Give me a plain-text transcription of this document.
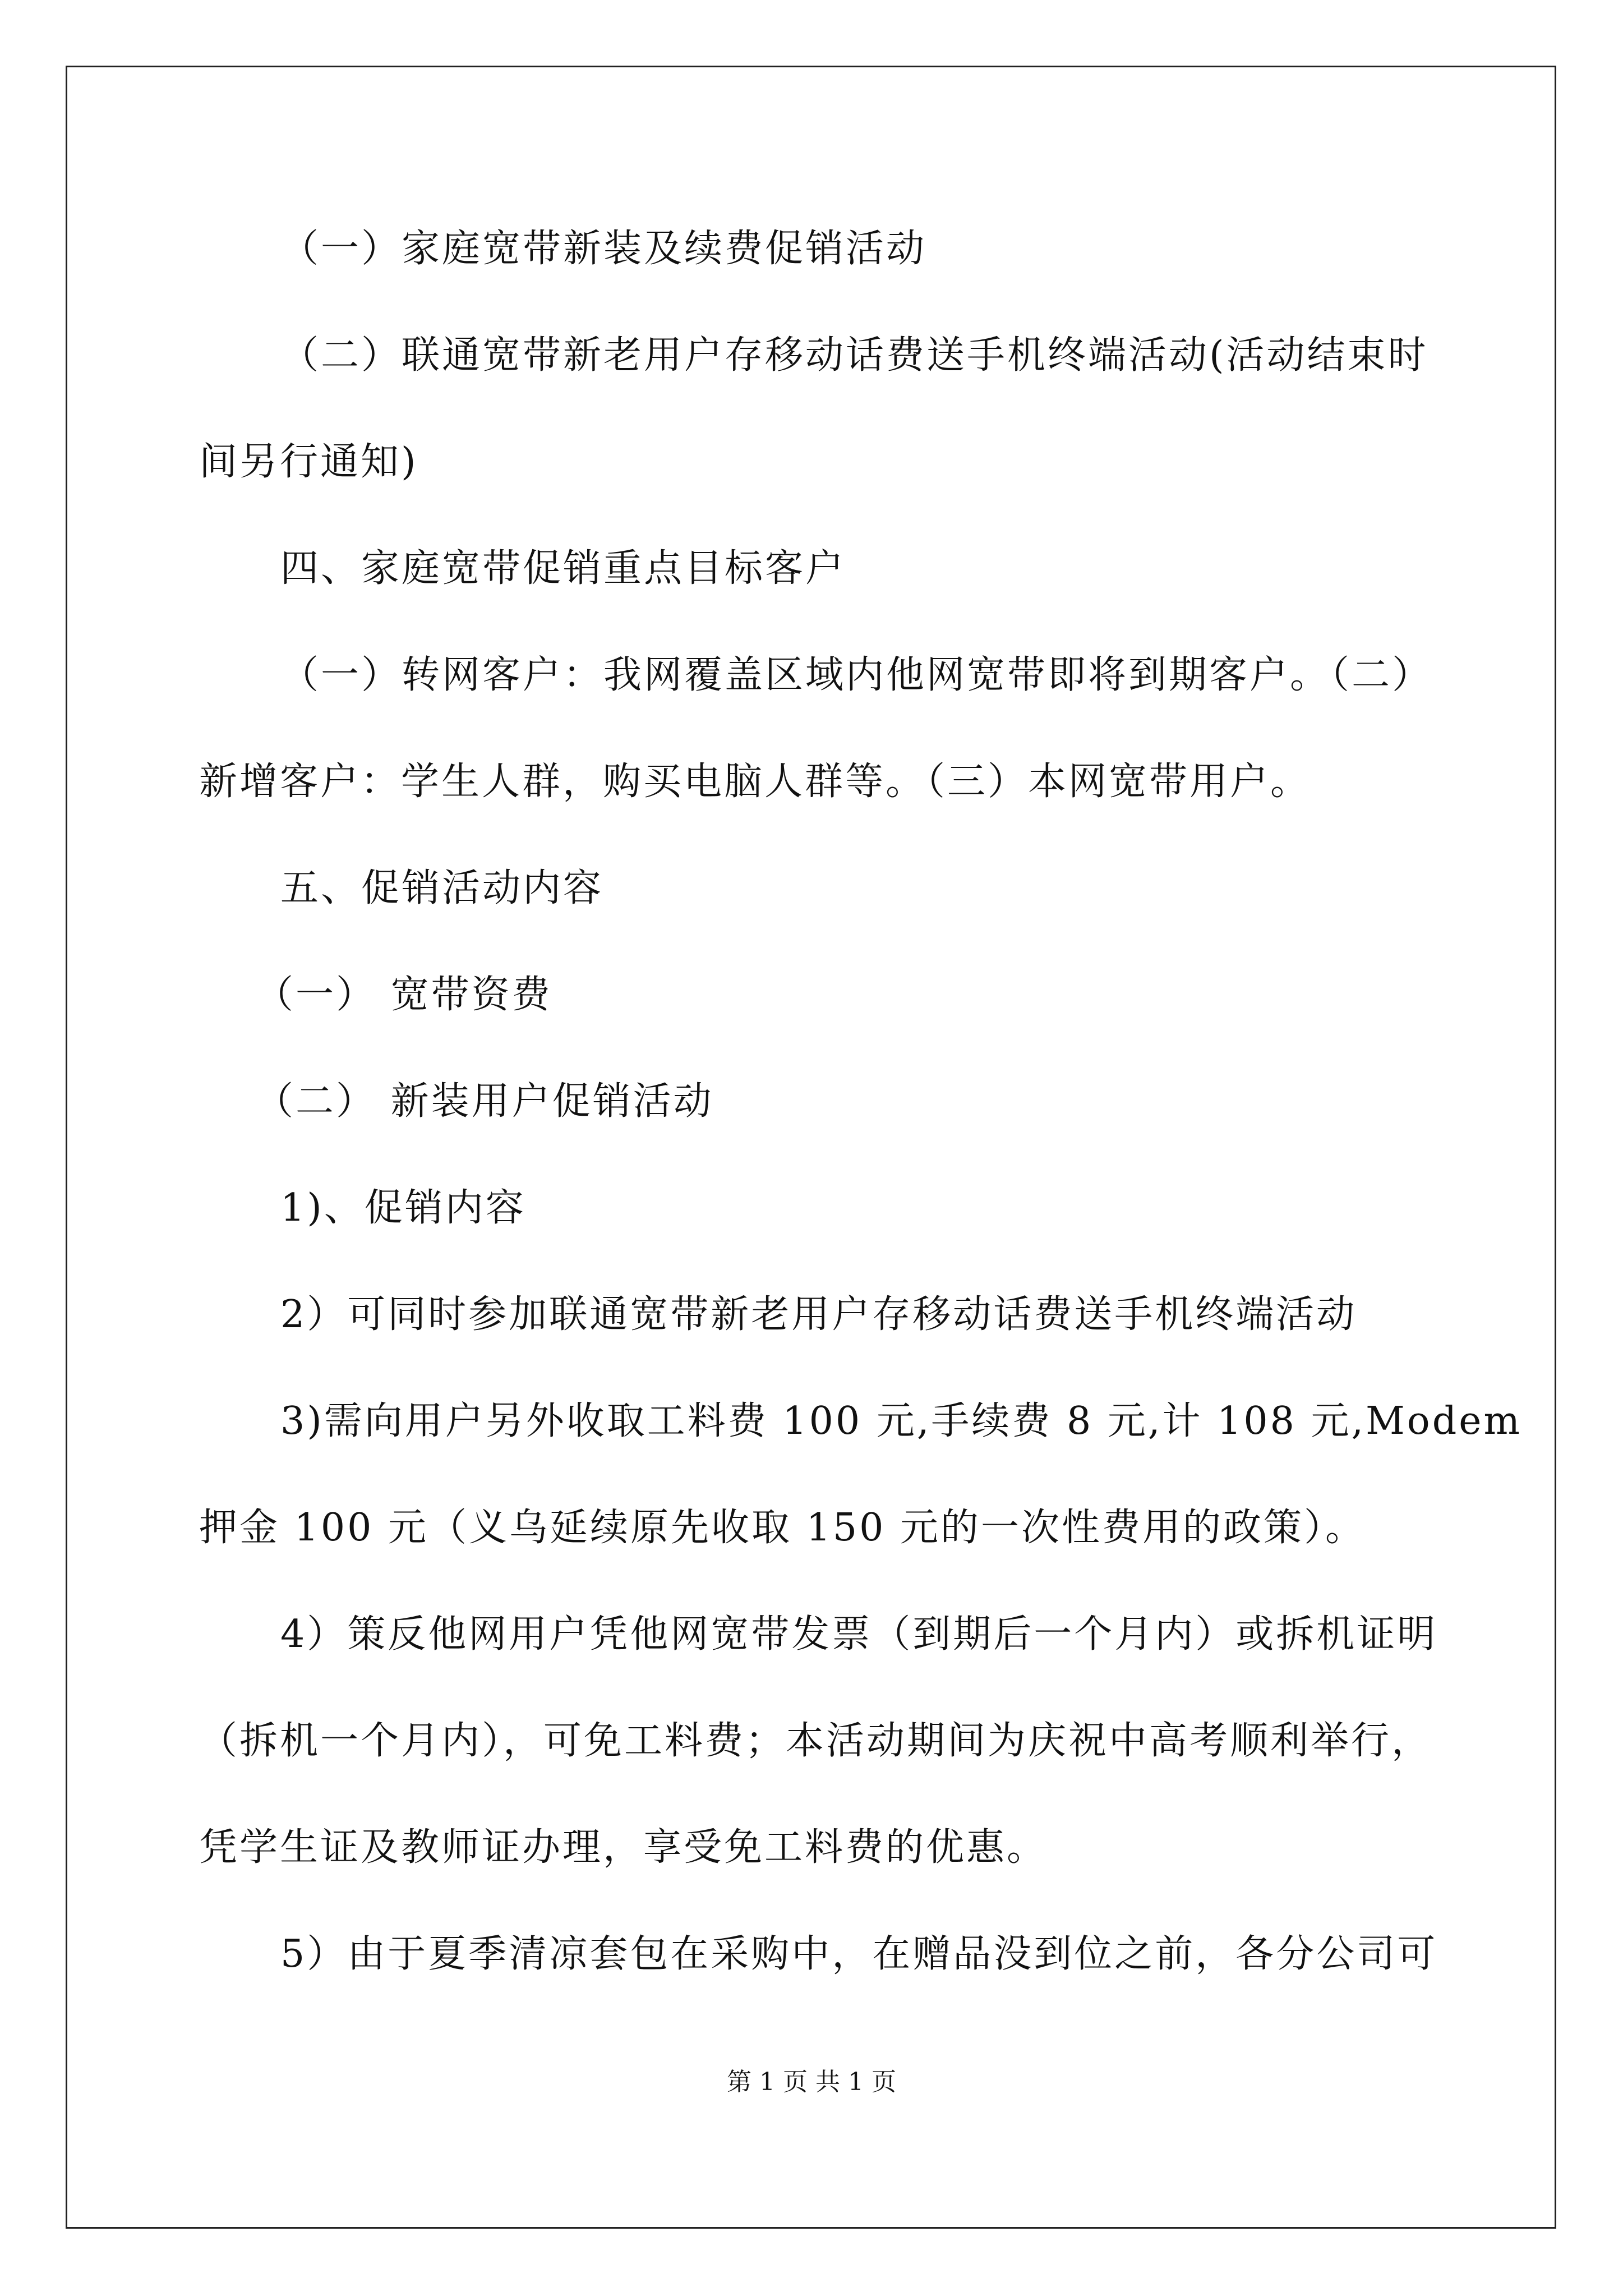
（一）家庭宽带新装及续费促销活动
（二）联通宽带新老用户存移动话费送手机终端活动(活动结束时
间另行通知)
四、家庭宽带促销重点目标客户
（一）转网客户：我网覆盖区域内他网宽带即将到期客户。（二）
新增客户：学生人群，购买电脑人群等。（三）本网宽带用户。
五、促销活动内容
（一） 宽带资费
（二） 新装用户促销活动
1)、促销内容
2）可同时参加联通宽带新老用户存移动话费送手机终端活动
3)需向用户另外收取工料费 100 元,手续费 8 元,计 108 元,Modem
押金 100 元（义乌延续原先收取 150 元的一次性费用的政策）。
4）策反他网用户凭他网宽带发票（到期后一个月内）或拆机证明
（拆机一个月内），可免工料费；本活动期间为庆祝中高考顺利举行，
凭学生证及教师证办理，享受免工料费的优惠。
5）由于夏季清凉套包在采购中，在赠品没到位之前，各分公司可
第 1 页 共 1 页
